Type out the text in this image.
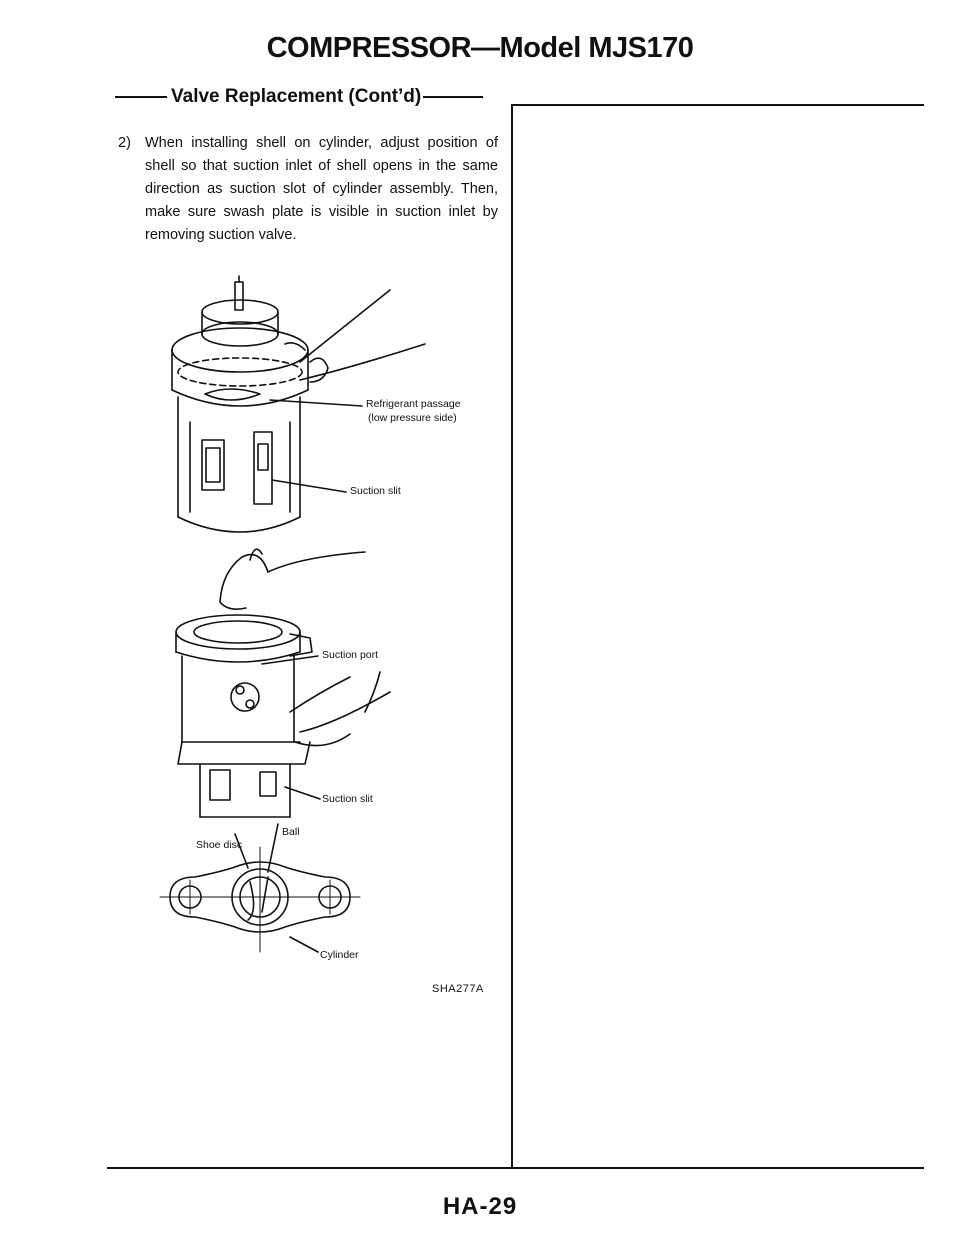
COMPRESSOR—Model MJS170
Valve Replacement (Cont’d)
2) When installing shell on cylinder, adjust position of shell so that suction inlet of shell opens in the same direction as suction slot of cylinder assembly. Then, make sure swash plate is visible in suction inlet by removing suction valve.
Refrigerant passage
(low pressure side)
Suction slit
Suction port
Suction slit
Shoe disc
Ball
Cylinder
SHA277A
HA-29
